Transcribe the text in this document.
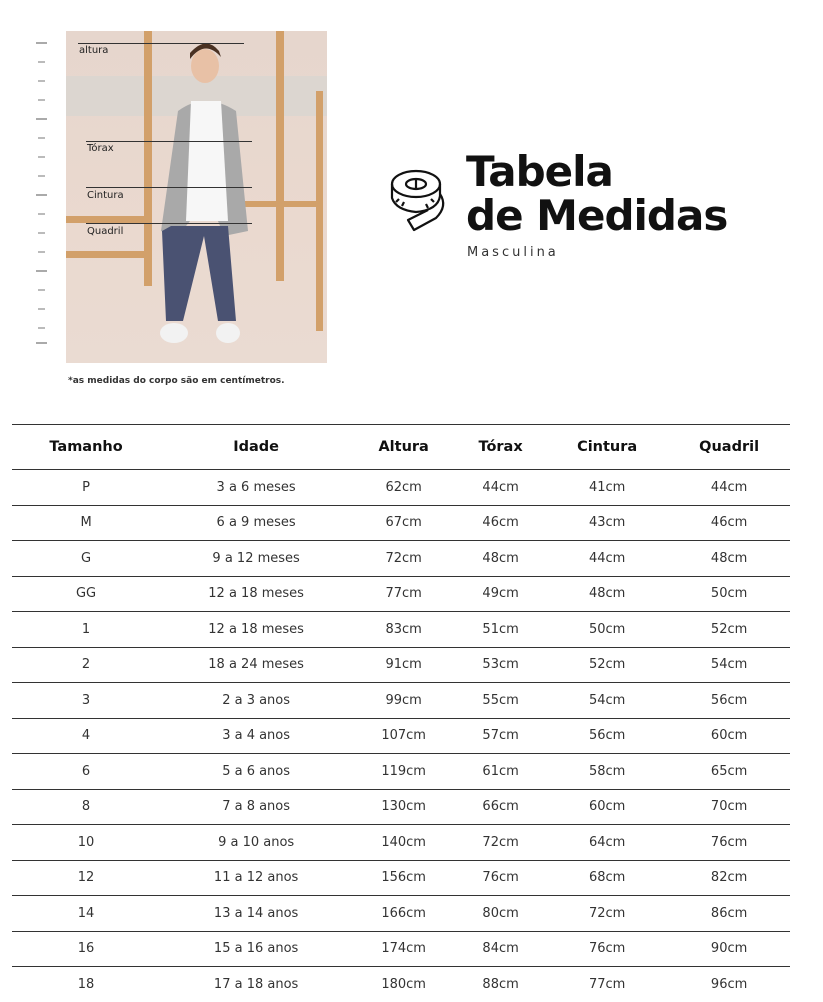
altura
Tórax
Cintura
Quadril
*as medidas do corpo são em centímetros.
Tabela
de Medidas
Masculina
Tamanho	Idade	Altura	Tórax	Cintura	Quadril
P	3 a 6 meses	62cm	44cm	41cm	44cm
M	6 a 9 meses	67cm	46cm	43cm	46cm
G	9 a 12 meses	72cm	48cm	44cm	48cm
GG	12 a 18 meses	77cm	49cm	48cm	50cm
1	12 a 18 meses	83cm	51cm	50cm	52cm
2	18 a 24 meses	91cm	53cm	52cm	54cm
3	2 a 3 anos	99cm	55cm	54cm	56cm
4	3 a 4 anos	107cm	57cm	56cm	60cm
6	5 a 6 anos	119cm	61cm	58cm	65cm
8	7 a 8 anos	130cm	66cm	60cm	70cm
10	9 a 10 anos	140cm	72cm	64cm	76cm
12	11 a 12 anos	156cm	76cm	68cm	82cm
14	13 a 14 anos	166cm	80cm	72cm	86cm
16	15 a 16 anos	174cm	84cm	76cm	90cm
18	17 a 18 anos	180cm	88cm	77cm	96cm
